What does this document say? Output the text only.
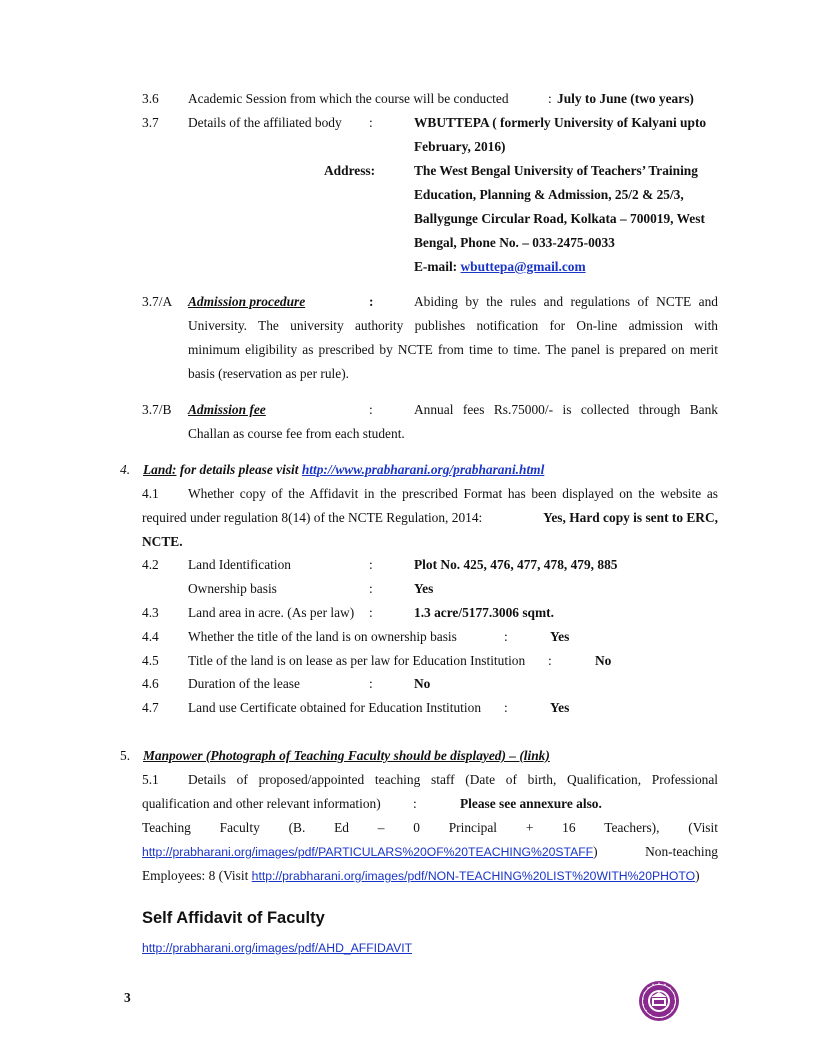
3.6 Academic Session from which the course will be conducted	: July to June (two years)
3.7 Details of the affiliated body :	WBUTTEPA ( formerly University of Kalyani upto
February, 2016)
Address:	The West Bengal University of Teachers’ Training
Education, Planning & Admission, 25/2 & 25/3,
Ballygunge Circular Road, Kolkata – 700019, West
Bengal, Phone No. – 033-2475-0033
E-mail: wbuttepa@gmail.com
3.7/A Admission procedure	:	Abiding by the rules and regulations of NCTE and
University. The university authority publishes notification for On-line admission with
minimum eligibility as prescribed by NCTE from time to time. The panel is prepared on merit
basis (reservation as per rule).
3.7/B Admission fee	:	Annual fees Rs.75000/- is collected through Bank
Challan as course fee from each student.
4. Land: for details please visit http://www.prabharani.org/prabharani.html
4.1 Whether copy of the Affidavit in the prescribed Format has been displayed on the website as
required under regulation 8(14) of the NCTE Regulation, 2014:	Yes, Hard copy is sent to ERC,
NCTE.
4.2 Land Identification	:	Plot No. 425, 476, 477, 478, 479, 885
Ownership basis	:	Yes
4.3 Land area in acre. (As per law) :	1.3 acre/5177.3006 sqmt.
4.4 Whether the title of the land is on ownership basis	:	Yes
4.5 Title of the land is on lease as per law for Education Institution :	No
4.6 Duration of the lease	:	No
4.7 Land use Certificate obtained for Education Institution :	Yes
5. Manpower (Photograph of Teaching Faculty should be displayed) – (link)
5.1 Details of proposed/appointed teaching staff (Date of birth, Qualification, Professional
qualification and other relevant information) :	Please see annexure also.
Teaching Faculty (B. Ed – 0 Principal + 16 Teachers), (Visit
http://prabharani.org/images/pdf/PARTICULARS%20OF%20TEACHING%20STAFF)	Non-teaching
Employees: 8 (Visit http://prabharani.org/images/pdf/NON-TEACHING%20LIST%20WITH%20PHOTO)
Self Affidavit of Faculty
http://prabharani.org/images/pdf/AHD_AFFIDAVIT
3
